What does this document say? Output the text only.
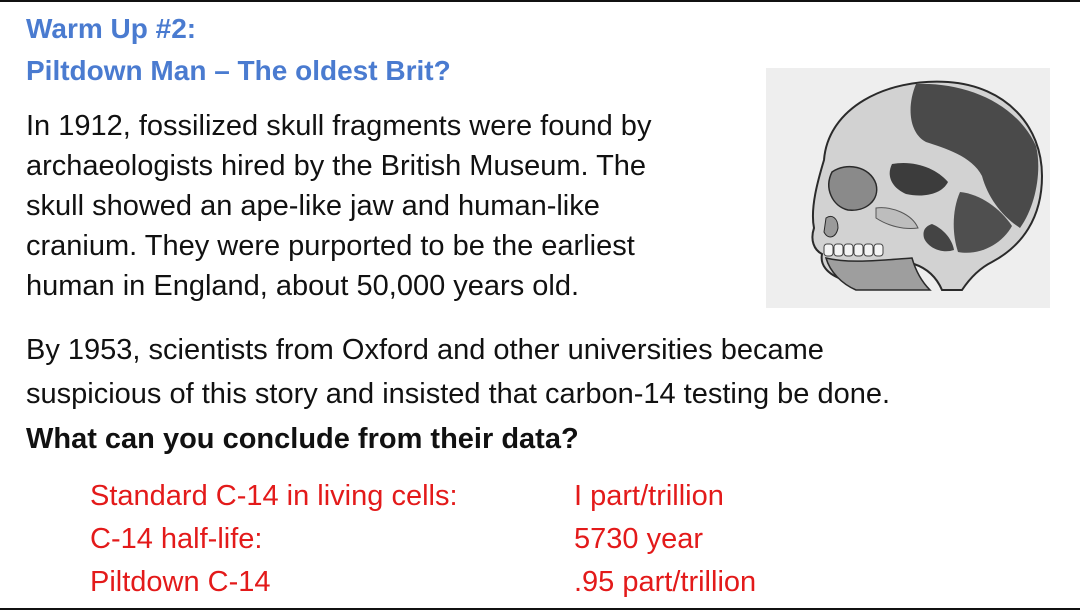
Warm Up #2:
Piltdown Man – The oldest Brit?
In 1912, fossilized skull fragments were found by
archaeologists hired by the British Museum. The
skull showed an ape-like jaw and human-like
cranium. They were purported to be the earliest
human in England, about 50,000 years old.
By 1953, scientists from Oxford and other universities became
suspicious of this story and insisted that carbon-14 testing be done.
What can you conclude from their data?
Standard C-14 in living cells:
C-14 half-life:
Piltdown C-14
I part/trillion
5730 year
.95 part/trillion
